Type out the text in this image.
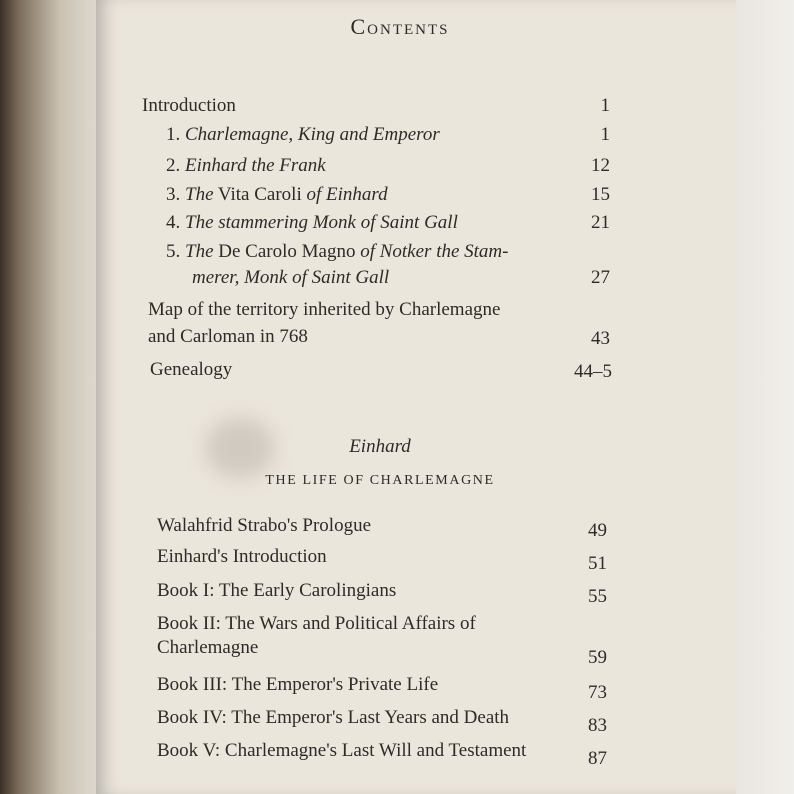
Contents
Introduction	1
1. Charlemagne, King and Emperor	1
2. Einhard the Frank	12
3. The Vita Caroli of Einhard	15
4. The stammering Monk of Saint Gall	21
5. The De Carolo Magno of Notker the Stam-
merer, Monk of Saint Gall	27
Map of the territory inherited by Charlemagne
and Carloman in 768	43
Genealogy	44–5
Einhard
THE LIFE OF CHARLEMAGNE
Walahfrid Strabo's Prologue	49
Einhard's Introduction	51
Book I: The Early Carolingians	55
Book II: The Wars and Political Affairs of
Charlemagne	59
Book III: The Emperor's Private Life	73
Book IV: The Emperor's Last Years and Death	83
Book V: Charlemagne's Last Will and Testament	87
